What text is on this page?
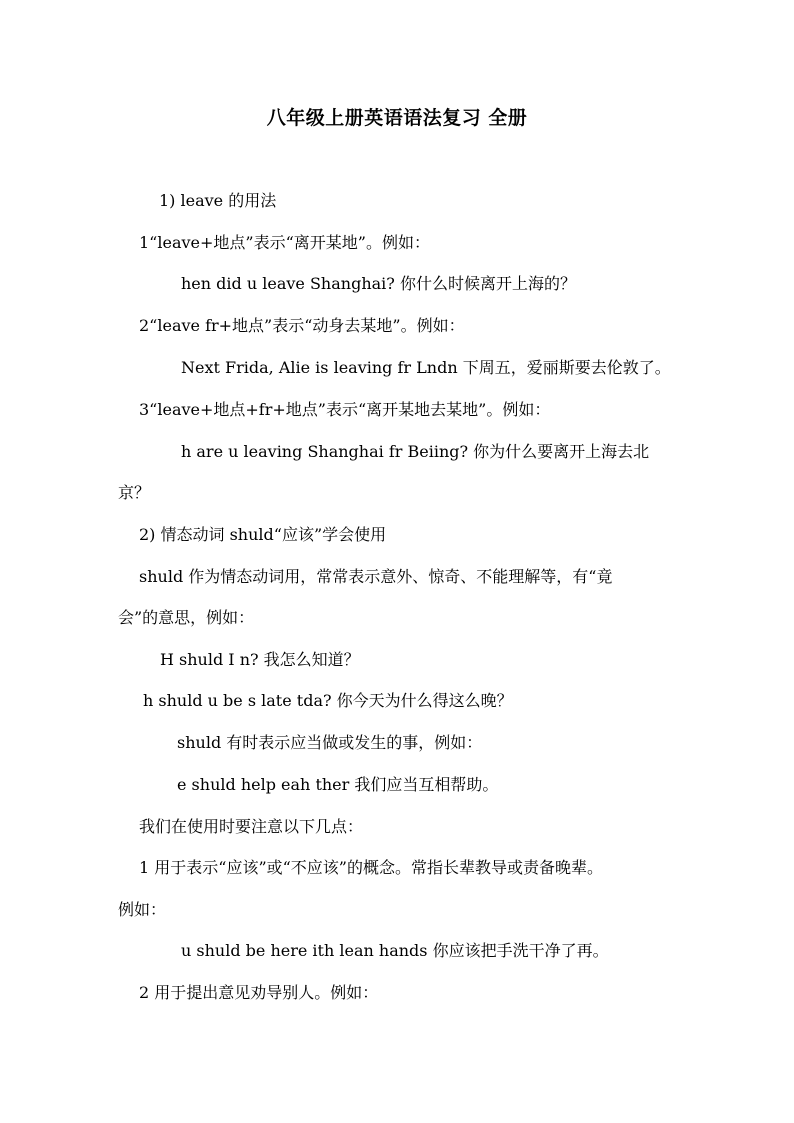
八年级上册英语语法复习 全册
1) leave 的用法
1“leave+地点”表示“离开某地”。例如：
hen did u leave Shanghai? 你什么时候离开上海的？
2“leave fr+地点”表示“动身去某地”。例如：
Next Frida, Alie is leaving fr Lndn 下周五，爱丽斯要去伦敦了。
3“leave+地点+fr+地点”表示“离开某地去某地”。例如：
h are u leaving Shanghai fr Beiing? 你为什么要离开上海去北
京？
2) 情态动词 shuld“应该”学会使用
shuld 作为情态动词用，常常表示意外、惊奇、不能理解等，有“竟
会”的意思，例如：
H shuld I n? 我怎么知道？
h shuld u be s late tda? 你今天为什么得这么晚？
shuld 有时表示应当做或发生的事，例如：
e shuld help eah ther 我们应当互相帮助。
我们在使用时要注意以下几点：
1 用于表示“应该”或“不应该”的概念。常指长辈教导或责备晚辈。
例如：
u shuld be here ith lean hands 你应该把手洗干净了再。
2 用于提出意见劝导别人。例如：
